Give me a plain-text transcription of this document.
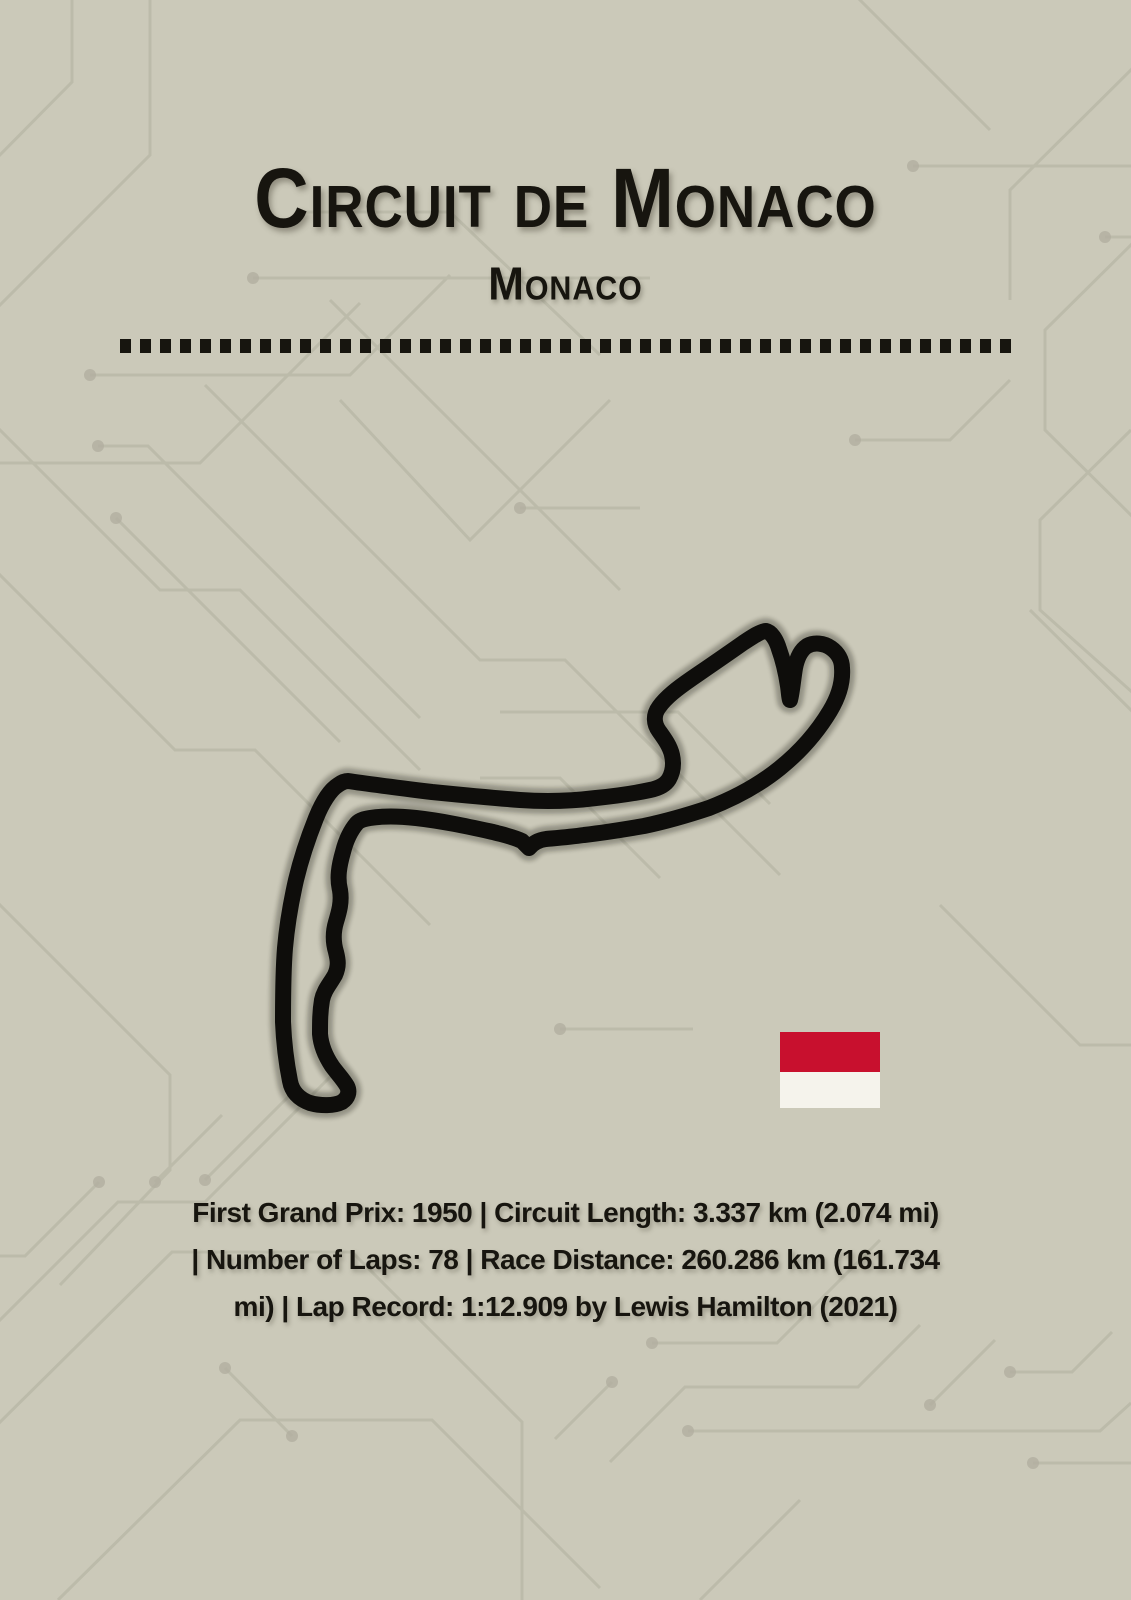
Circuit de Monaco
Monaco
First Grand Prix: 1950 | Circuit Length: 3.337 km (2.074 mi)
| Number of Laps: 78 | Race Distance: 260.286 km (161.734
mi) | Lap Record: 1:12.909 by Lewis Hamilton (2021)
